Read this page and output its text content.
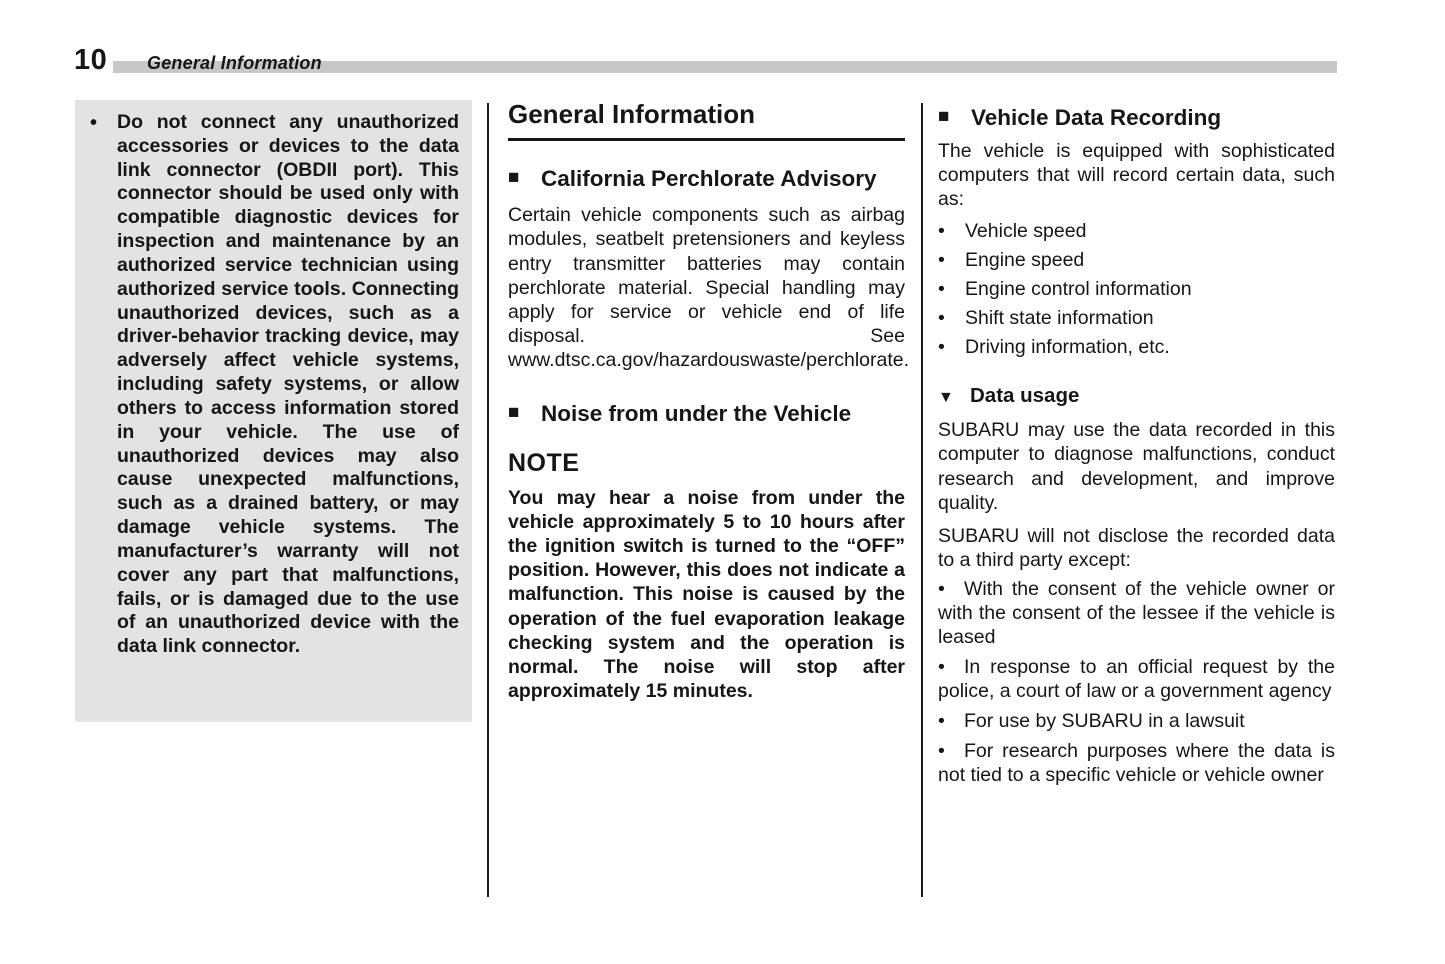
10 General Information
•	Do not connect any unauthorized accessories or devices to the data link connector (OBDII port). This connector should be used only with compatible diagnostic devices for inspection and maintenance by an authorized service technician using authorized service tools. Connecting unauthorized devices, such as a driver-behavior tracking device, may adversely affect vehicle systems, including safety systems, or allow others to access information stored in your vehicle. The use of unauthorized devices may also cause unexpected malfunctions, such as a drained battery, or may damage vehicle systems. The manufacturer’s warranty will not cover any part that malfunctions, fails, or is damaged due to the use of an unauthorized device with the data link connector.
General Information
■ California Perchlorate Advisory

Certain vehicle components such as airbag modules, seatbelt pretensioners and keyless entry transmitter batteries may contain perchlorate material. Special handling may apply for service or vehicle end of life disposal. See www.dtsc.ca.gov/hazardouswaste/perchlorate.

■ Noise from under the Vehicle
NOTE

You may hear a noise from under the vehicle approximately 5 to 10 hours after the ignition switch is turned to the “OFF” position. However, this does not indicate a malfunction. This noise is caused by the operation of the fuel evaporation leakage checking system and the operation is normal. The noise will stop after approximately 15 minutes.

■ Vehicle Data Recording

The vehicle is equipped with sophisticated computers that will record certain data, such as:

•	Vehicle speed
•	Engine speed
•	Engine control information
•	Shift state information
•	Driving information, etc.
▼ Data usage

SUBARU may use the data recorded in this computer to diagnose malfunctions, conduct research and development, and improve quality.

SUBARU will not disclose the recorded data to a third party except:

• With the consent of the vehicle owner or with the consent of the lessee if the vehicle is leased

• In response to an official request by the police, a court of law or a government agency

• For use by SUBARU in a lawsuit

• For research purposes where the data is not tied to a specific vehicle or vehicle owner
